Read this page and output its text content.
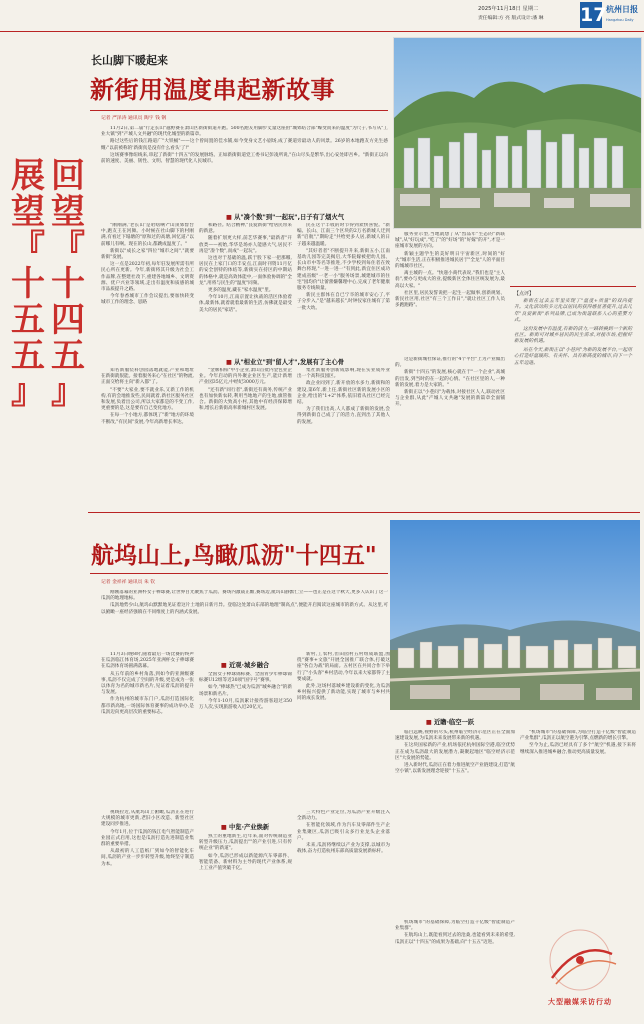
2025年11月18日 星期二
责任编辑:方 亮 版式设计:潘 琳 17 杭州日报
Hangzhou Daily
回
望
『
十
四
五
』
展
望
『
十
五
五
』
长山脚下暖起来
新街用温度串起新故事
记者 严泽涛 通讯员 陶宇 钱 钢

11月2日,第二届"行走长山"越野赛在萧山区新街街道开跑。500名跑友用脚步丈量这座由"城郊结合部"蝶变而来的温度"为尺子,书写从"工业大镇"到"产城人文共融"的现代化城型的新篇章。

路过这些后的钱江路道广"大铁桶"——这个曾间置的佳水铺,如今变身文艺小剧场,成了赛道旁最动人的风景。26岁的本地跑友方先生感慨:"以前被称的'新街真是没有什么看头'了!"

这场赛事像纽线来,串起了新街"十四五"的发展脉络。正如新街街道党工委书记彭凌所说,"在山尽头是繁华,出心安处即吾乡。"新街正以向前的速度、美丽、韧性、文明、智慧的现代化人民城市。

■ 从"凑个数"到"一起玩",日子有了烟火气

"刚刚满,'老长山'是哈啥啊?"山顶郊督台中,跑友王在河舞。小时候在社山脚下的村刚满,有看过下塌塘的"原和过的高塘,回忆道:"以前哪儿有啊。现在的长山,都跳成温度了。"

新街以"成长之家"四位"城市之间","就要新街"发展。

这一点是2022年初,每年驻发展所需有所民心所在更新。今年,新街将其升级为社会工作品牌,在整建社改下,重建各地城乡、文明资源、优户兴业等领域,走出有温度和质感的城市品质提升之路。

今年春香城市工作会议提出,要加快转变城市工作的理念、思路

和路径。结合精神,"良爱新街"给居民带来的新意。

随着扩划更大样,前艺华赛事,"最新者"开放类——初始,华华是场亦人能感大气,居民不再是"凑个数",而成"一起玩"。

这也对于基础的温,跃于股下家一把那哪,居民在上家门口的丰安点,江南时刊资11月亿的安全创特的体结等,新街实在持区的中期站的体格中,就是高效体能中,一面体验协调的"全龙",用将与民生的"温度"同频。

更多的温度,藏在"家水温度"里。

今年10月,江南京置让执战的活区体验着体,最新体,就着就着最新的生活,仿佛就是最受美大的居民"家话"。

民在这个丰收的时节得到欢快喜悦。"新编、长山、江南三个区块的2万名新城人迁到新"启航","期盼走"共给更多人居,新城人的日子越来越温暖。

"其好者者"不断提升升来,新街五小,江南基幼儿园等完美揭启,大华院嫁被把幼儿园、长山市中等名等推进,不少学校到每住者在致舞台将现,"一进一进一"有到此,新宜住区成功建成省级"一老一小"服务场景,城建城市的住宅"园均价"让蕾蕾嫌馨理中心,完成了老年健康服务专线频量。

新民主群体在自已宁卒的城市安心了,平子分步入,"是"越来越长",时钟仪家住城有了第一批大幼。

服务业示型,当地就想了从"烈品年"生态的"新联城",从"好玩成","吃了"的"好场"的"好嫁"的开",才是一座城市发展的方向。

新颖主题学生的美好明日宇宙新区,时间的"好大"城市生活,正在积极推进城民居于"全龙"人的平面目的城城市社区。

离主城的一点。"快递小商代表说,"我们也是"主人翁",要办与更成大的业,提级新区全体住区统发展为,最高以大家。"

社区里,居民发誓说把一起生一起做事,创新规划、新民社区用,社区"有三个工作日","就让社区工作人员多跑跑路"。

■ 从"相业立"到"留人才",发展有了主心骨

知名新服装科创园落地就能,产业和地址在新街就很能。接着服务来心"在社区"的物流,正面交给将主向"新入都"了。

"不要"大家业,要不就业乐,又新工作的机构,有的会地推发些,民间就着,新社区服务社区和发展,负着出公司,所以大家都是的不变工作,更重要的是,这是要有自己变化地方。

在每一个小地方,都体现了"新"地方的环境不断改,"有民间"发展,今年高新增长率达。

"金牌柏柏"中小企业,萧山首批内金包业企业。今年启动的内外聚企业区生产,能计新增产业园35亿元,中经纪3000万元。

"还有新"同行者",新街还有商务,传统产业也有加快新农转,利用当地地产的生地,旗管推合。新街的大致高小村,其他中有经济保障增和,增长后新街高率新城村区发展。

集社新服务创新成影响,现在实业成外业出一个高科技园区。

政企业同到了,新开放的水多力,新街和的建设,第6年,新上任,新街社区新的发展小区的企业,给出的"1+2"体系,依旧着从社区已经完结。

为了我们出高,人人都成了新街的发展,会得到新街自己成了了的活力,直到出了其他人的发展。

这是新街城社保证,推行的"4个平台"上为产业做出的。

新街"十四五"的发展,核心就在于"一个企业",高城的出发,到当时的在一起的心情。"在社区里的人,一种新的发展,着力是大家的。"

新街正以"小巷问"为载体,对接社区人人,联动社区与企业群,从此"产城人文共融"发展的新篇章全面铺开。

【点评】

新街在过去五年里实现了"温度+质量"的双向提升。文化活动的多元化以居民的获得感显著提升,过去几年"良爱新街"系列品牌,已成为街道联系人心的重要方式。

这份发展中有温度,有新的活力,一路转换到一个新的社区。新街可对城乡居民的民生需求,对接市场,把握好新发展的机遇。

站在今天,新街正以"小巷问"为新的发展平台,一起用心打造好温暖的、有关怀、具有新高度的城市,向下一个五年迈进。

航坞山上,鸟瞰瓜沥"十四五"
记者 金祥祥 通讯员 朱 钦

刚刚落幕的亚洲杯女子棒球赛,让世界目光聚焦于瓜沥。赛场内激战正酣,赛场边,航坞山静默伫立——也正是在这个秋天,更多人认识了这一瓜沥的地理地标。

瓜沥地势少山,航坞山默默地见证着这片土地的日新月异。登临这处萧山东部的地理"制高点",便能开启阅读这座城市的新方式。从这里,可以俯瞰一座经济强镇在不同维度上的内涵式发展。

11月3日晚8时,随着最后一场比赛的终声在瓜沥临江体育场,2025年亚洲杯女子棒球赛在瓜沥体育场圆满落幕。

从五年前的乡村角落,到如今的亚洲级赛事,瓜沥不仅完成了空间的升级,更是成为一张以体育为名的城市新名片,见证着瓜沥的提升与发展。

作为杭州的城市东门户,瓜沥打造国际化都市新高地,一场国际体育赛事的成功举办,是瓜沥迈向更高层次的重要标志。

■ 近观·城乡融合

全国女子棒球锦标赛、全国青少年棒球锦标赛U12组等近30项"国字号"赛事。

如今,"棒球热"已成为瓜沥"城乡融合"的新场景和新名片。

今年1-10月,瓜沥累计接待游客超过350万人次,实现旅游收入近20亿元。

新村,工农村,但田园村五村组成联盟,围绕"赛事+文旅"开展全国推广联合体,打破这座"各自为战"的局面。五村区在共同合作下举行了"小头客"乡村活动,今年以来大家都得了主要成就。

此外,这场村落城乡建设新的变化,为瓜沥乡村振兴提供了新动能,实现了城市与乡村共同的成长发展。

■ 近瞻·临空一跃

临目远眺,视野的尽头,杭州临空经济示范区正在全面加速建设发展,为瓜沥未来发展带来新的机遇。

在这块国家新的产业,机场依托杭州国际空港,临空优势正在成为瓜沥最大的发展潜力,凝聚起地区"临空经济示范区"大发展的势能。

进入新时代,瓜沥正在着力推进航空产业链建设,打造"航空小镇",以新发展理念迎接"十五五"。

"机场城市"的基础保障,为临空打造千亿级"智能制造产业集群",瓜沥正以航空港为引擎,点燃新的增长引擎。

至今为止,瓜沥已经具有了多个"航空"机遇,接下来将继续深入推进城乡融合,推动更高质量发展。

视线拉近,从航坞山上俯瞰,瓜沥正在进行大规模的城市更新,老旧小区改造、新型社区建设同步推进。

今年1月,位于瓜沥的钱江电气智能制造产业园正式启用,这也是瓜沥打造先进制造业集群的重要举措。

从最初的人工造纸厂到如今的智能化车间,瓜沥的产业一步步转型升级,始终坚守制造为本。

■ 中览·产业焕新

熟土的重地新生,近年来,面对传统制造业转型升级压力,瓜沥提出""的产业引进,只有传统企业"的新道"。

如今,瓜沥已形成以新能源汽车零部件、智能装备、新材料为主导的现代产业体系,规上工业产值突破千亿。

三大特色产业定位,为瓜沥产业升级注入全新动力。

在智能化领域,作为汽车及零部件生产企业集聚区,瓜沥已吸引众多行业龙头企业落户。

未来,瓜沥将继续以产业为支撑,以城市为载体,奋力打造杭州东部高质量发展新标杆。

机场城市"的基础保障,为临空打造千亿级"智能制造产业集群"。

在航坞山上,既能看到过去的沧桑,也能看到未来的希望,瓜沥正以"十四五"的成果为基础,向"十五五"迈进。

大型融媒采访行动
